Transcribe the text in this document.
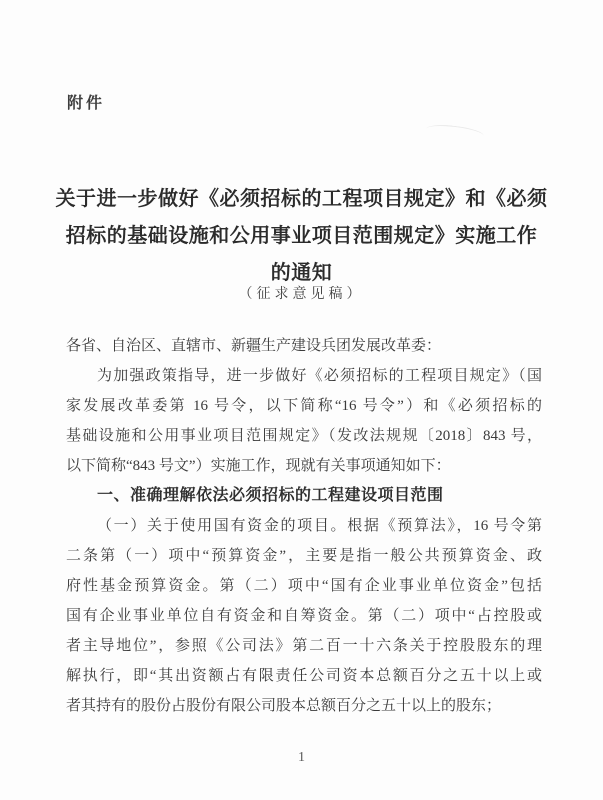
附件
关于进一步做好《必须招标的工程项目规定》和《必须
招标的基础设施和公用事业项目范围规定》实施工作
的通知
（征求意见稿）
各省、自治区、直辖市、新疆生产建设兵团发展改革委：
为加强政策指导，进一步做好《必须招标的工程项目规定》（国
家发展改革委第 16 号令，以下简称“16 号令”）和《必须招标的
基础设施和公用事业项目范围规定》（发改法规规〔2018〕843 号，
以下简称“843 号文”）实施工作，现就有关事项通知如下：
一、准确理解依法必须招标的工程建设项目范围
（一）关于使用国有资金的项目。根据《预算法》，16 号令第
二条第（一）项中“预算资金”，主要是指一般公共预算资金、政
府性基金预算资金。第（二）项中“国有企业事业单位资金”包括
国有企业事业单位自有资金和自筹资金。第（二）项中“占控股或
者主导地位”，参照《公司法》第二百一十六条关于控股股东的理
解执行，即“其出资额占有限责任公司资本总额百分之五十以上或
者其持有的股份占股份有限公司股本总额百分之五十以上的股东；
1
